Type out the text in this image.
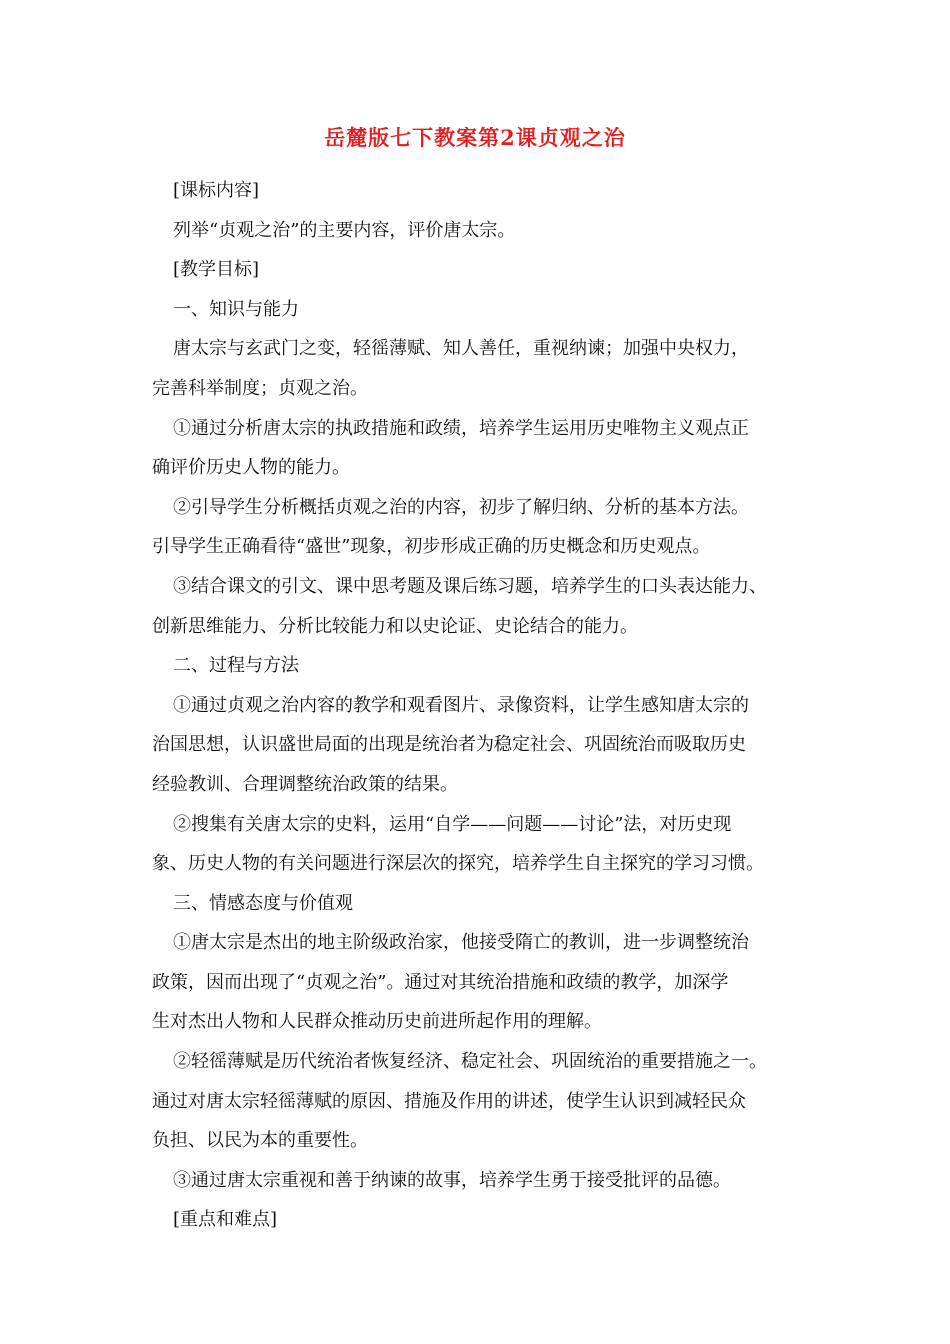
岳麓版七下教案第2课贞观之治
[课标内容]
列举“贞观之治”的主要内容，评价唐太宗。
[教学目标]
一、知识与能力
唐太宗与玄武门之变，轻徭薄赋、知人善任，重视纳谏；加强中央权力，
完善科举制度；贞观之治。
①通过分析唐太宗的执政措施和政绩，培养学生运用历史唯物主义观点正
确评价历史人物的能力。
②引导学生分析概括贞观之治的内容，初步了解归纳、分析的基本方法。
引导学生正确看待“盛世”现象，初步形成正确的历史概念和历史观点。
③结合课文的引文、课中思考题及课后练习题，培养学生的口头表达能力、
创新思维能力、分析比较能力和以史论证、史论结合的能力。
二、过程与方法
①通过贞观之治内容的教学和观看图片、录像资料，让学生感知唐太宗的
治国思想，认识盛世局面的出现是统治者为稳定社会、巩固统治而吸取历史
经验教训、合理调整统治政策的结果。
②搜集有关唐太宗的史料，运用“自学——问题——讨论”法，对历史现
象、历史人物的有关问题进行深层次的探究，培养学生自主探究的学习习惯。
三、情感态度与价值观
①唐太宗是杰出的地主阶级政治家，他接受隋亡的教训，进一步调整统治
政策，因而出现了“贞观之治”。通过对其统治措施和政绩的教学，加深学
生对杰出人物和人民群众推动历史前进所起作用的理解。
②轻徭薄赋是历代统治者恢复经济、稳定社会、巩固统治的重要措施之一。
通过对唐太宗轻徭薄赋的原因、措施及作用的讲述，使学生认识到减轻民众
负担、以民为本的重要性。
③通过唐太宗重视和善于纳谏的故事，培养学生勇于接受批评的品德。
[重点和难点]
